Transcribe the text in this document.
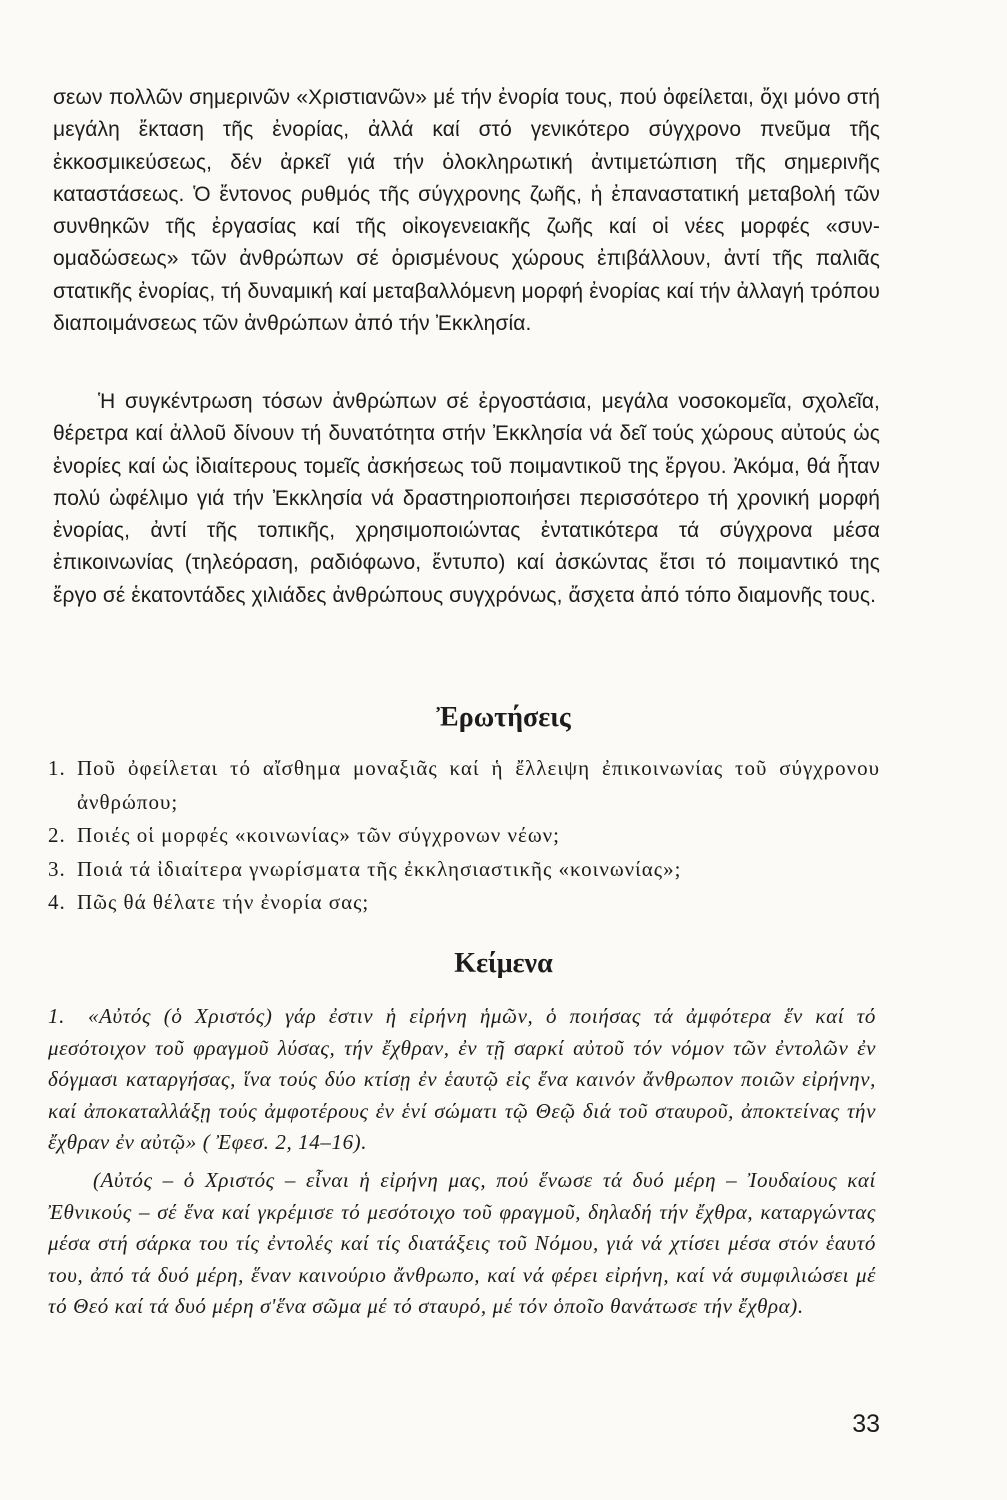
σεων πολλῶν σημερινῶν «Χριστιανῶν» μέ τήν ἐνορία τους, πού ὀφείλεται, ὄχι μόνο στή μεγάλη ἔκταση τῆς ἐνορίας, ἀλλά καί στό γενικότερο σύγχρονο πνεῦμα τῆς ἐκκοσμικεύσεως, δέν ἀρκεῖ γιά τήν ὁλοκληρωτική ἀντιμετώπιση τῆς σημερινῆς καταστάσεως. Ὁ ἔντονος ρυθμός τῆς σύγχρονης ζωῆς, ἡ ἐπαναστατική μεταβολή τῶν συνθηκῶν τῆς ἐργασίας καί τῆς οἰκογενειακῆς ζωῆς καί οἱ νέες μορφές «συν-ομαδώσεως» τῶν ἀνθρώπων σέ ὁρισμένους χώρους ἐπιβάλλουν, ἀντί τῆς παλιᾶς στατικῆς ἐνορίας, τή δυναμική καί μεταβαλλόμενη μορφή ἐνορίας καί τήν ἀλλαγή τρόπου διαποιμάνσεως τῶν ἀνθρώπων ἀπό τήν Ἐκκλησία.
Ἡ συγκέντρωση τόσων ἀνθρώπων σέ ἐργοστάσια, μεγάλα νοσοκομεῖα, σχολεῖα, θέρετρα καί ἀλλοῦ δίνουν τή δυνατότητα στήν Ἐκκλησία νά δεῖ τούς χώρους αὐτούς ὡς ἐνορίες καί ὡς ἰδιαίτερους τομεῖς ἀσκήσεως τοῦ ποιμαντικοῦ της ἔργου. Ἀκόμα, θά ἦταν πολύ ὠφέλιμο γιά τήν Ἐκκλησία νά δραστηριοποιήσει περισσότερο τή χρονική μορφή ἐνορίας, ἀντί τῆς τοπικῆς, χρησιμοποιώντας ἐντατικότερα τά σύγχρονα μέσα ἐπικοινωνίας (τηλεόραση, ραδιόφωνο, ἔντυπο) καί ἀσκώντας ἔτσι τό ποιμαντικό της ἔργο σέ ἑκατοντάδες χιλιάδες ἀνθρώπους συγχρόνως, ἄσχετα ἀπό τόπο διαμονῆς τους.
Ἐρωτήσεις
1. Ποῦ ὀφείλεται τό αἴσθημα μοναξιᾶς καί ἡ ἔλλειψη ἐπικοινωνίας τοῦ σύγχρονου ἀνθρώπου;
2. Ποιές οἱ μορφές «κοινωνίας» τῶν σύγχρονων νέων;
3. Ποιά τά ἰδιαίτερα γνωρίσματα τῆς ἐκκλησιαστικῆς «κοινωνίας»;
4. Πῶς θά θέλατε τήν ἐνορία σας;
Κείμενα
1. «Αὐτός (ὁ Χριστός) γάρ ἐστιν ἡ εἰρήνη ἡμῶν, ὁ ποιήσας τά ἀμφότερα ἕν καί τό μεσότοιχον τοῦ φραγμοῦ λύσας, τήν ἔχθραν, ἐν τῇ σαρκί αὐτοῦ τόν νόμον τῶν ἐντολῶν ἐν δόγμασι καταργήσας, ἵνα τούς δύο κτίσῃ ἐν ἑαυτῷ εἰς ἕνα καινόν ἄνθρωπον ποιῶν εἰρήνην, καί ἀποκαταλλάξῃ τούς ἀμφοτέρους ἐν ἑνί σώματι τῷ Θεῷ διά τοῦ σταυροῦ, ἀποκτείνας τήν ἔχθραν ἐν αὐτῷ» ( Ἐφεσ. 2, 14–16).
(Αὐτός – ὁ Χριστός – εἶναι ἡ εἰρήνη μας, πού ἕνωσε τά δυό μέρη – Ἰουδαίους καί Ἐθνικούς – σέ ἕνα καί γκρέμισε τό μεσότοιχο τοῦ φραγμοῦ, δηλαδή τήν ἔχθρα, καταργώντας μέσα στή σάρκα του τίς ἐντολές καί τίς διατάξεις τοῦ Νόμου, γιά νά χτίσει μέσα στόν ἑαυτό του, ἀπό τά δυό μέρη, ἕναν καινούριο ἄνθρωπο, καί νά φέρει εἰρήνη, καί νά συμφιλιώσει μέ τό Θεό καί τά δυό μέρη σ'ἕνα σῶμα μέ τό σταυρό, μέ τόν ὁποῖο θανάτωσε τήν ἔχθρα).
33
